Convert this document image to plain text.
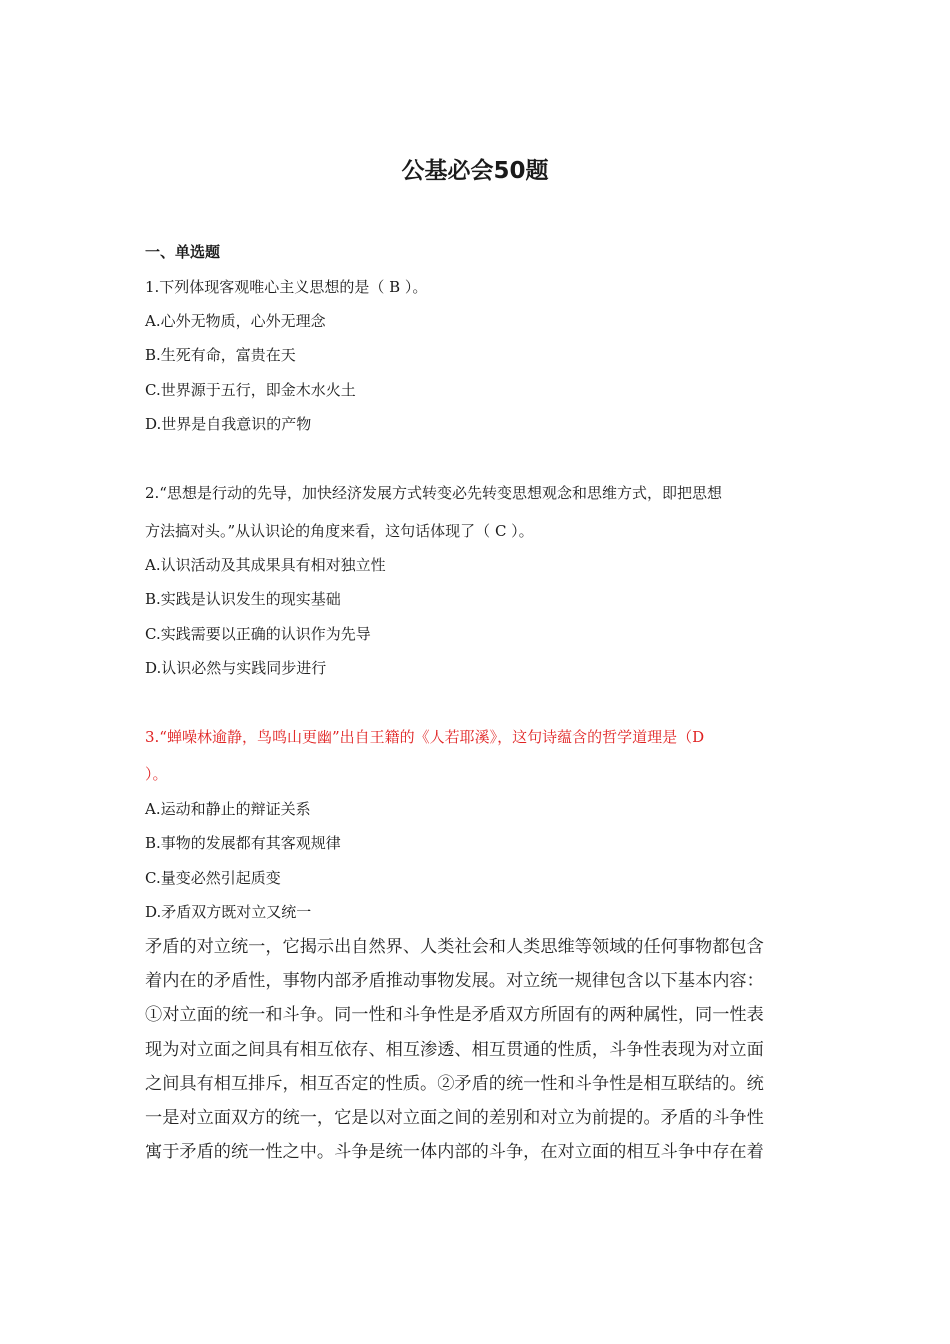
公基必会50题
一、单选题
1.下列体现客观唯心主义思想的是（ B ）。
A.心外无物质，心外无理念
B.生死有命，富贵在天
C.世界源于五行，即金木水火土
D.世界是自我意识的产物
2.“思想是行动的先导，加快经济发展方式转变必先转变思想观念和思维方式，即把思想
方法搞对头。”从认识论的角度来看，这句话体现了（ C ）。
A.认识活动及其成果具有相对独立性
B.实践是认识发生的现实基础
C.实践需要以正确的认识作为先导
D.认识必然与实践同步进行
3.“蝉噪林逾静，鸟鸣山更幽”出自王籍的《人若耶溪》，这句诗蕴含的哲学道理是（D
）。
A.运动和静止的辩证关系
B.事物的发展都有其客观规律
C.量变必然引起质变
D.矛盾双方既对立又统一
矛盾的对立统一，它揭示出自然界、人类社会和人类思维等领域的任何事物都包含
着内在的矛盾性，事物内部矛盾推动事物发展。对立统一规律包含以下基本内容：
①对立面的统一和斗争。同一性和斗争性是矛盾双方所固有的两种属性，同一性表
现为对立面之间具有相互依存、相互渗透、相互贯通的性质，斗争性表现为对立面
之间具有相互排斥，相互否定的性质。②矛盾的统一性和斗争性是相互联结的。统
一是对立面双方的统一，它是以对立面之间的差别和对立为前提的。矛盾的斗争性
寓于矛盾的统一性之中。斗争是统一体内部的斗争，在对立面的相互斗争中存在着
